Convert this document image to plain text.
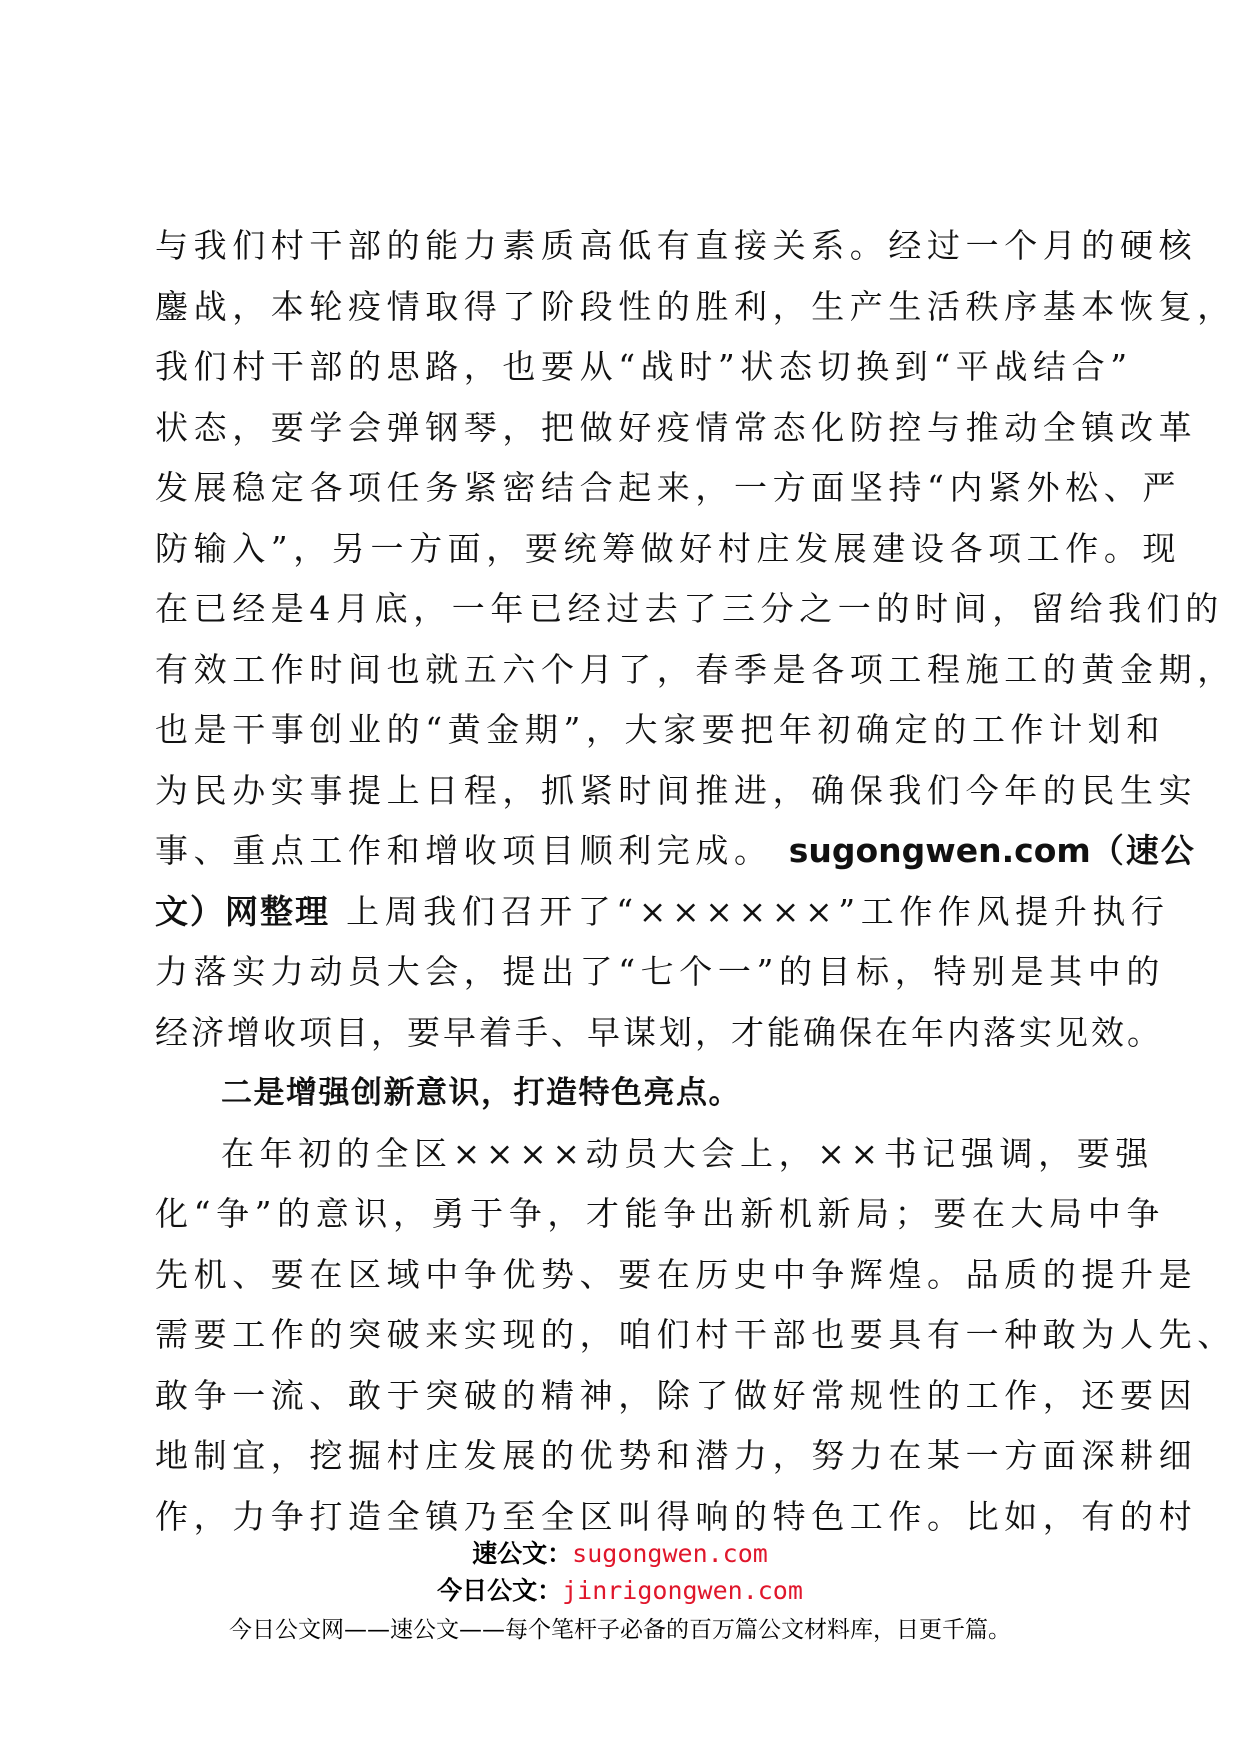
与我们村干部的能力素质高低有直接关系。经过一个月的硬核
鏖战，本轮疫情取得了阶段性的胜利，生产生活秩序基本恢复，
我们村干部的思路，也要从“战时”状态切换到“平战结合”
状态，要学会弹钢琴，把做好疫情常态化防控与推动全镇改革
发展稳定各项任务紧密结合起来，一方面坚持“内紧外松、严
防输入”，另一方面，要统筹做好村庄发展建设各项工作。现
在已经是4月底，一年已经过去了三分之一的时间，留给我们的
有效工作时间也就五六个月了，春季是各项工程施工的黄金期，
也是干事创业的“黄金期”，大家要把年初确定的工作计划和
为民办实事提上日程，抓紧时间推进，确保我们今年的民生实
事、重点工作和增收项目顺利完成。 sugongwen.com（速公
文）网整理 上周我们召开了“××××××”工作作风提升执行
力落实力动员大会，提出了“七个一”的目标，特别是其中的
经济增收项目，要早着手、早谋划，才能确保在年内落实见效。
二是增强创新意识，打造特色亮点。
在年初的全区××××动员大会上，××书记强调，要强
化“争”的意识，勇于争，才能争出新机新局；要在大局中争
先机、要在区域中争优势、要在历史中争辉煌。品质的提升是
需要工作的突破来实现的，咱们村干部也要具有一种敢为人先、
敢争一流、敢于突破的精神，除了做好常规性的工作，还要因
地制宜，挖掘村庄发展的优势和潜力，努力在某一方面深耕细
作，力争打造全镇乃至全区叫得响的特色工作。比如，有的村
速公文：sugongwen.com
今日公文：jinrigongwen.com
今日公文网——速公文——每个笔杆子必备的百万篇公文材料库，日更千篇。
